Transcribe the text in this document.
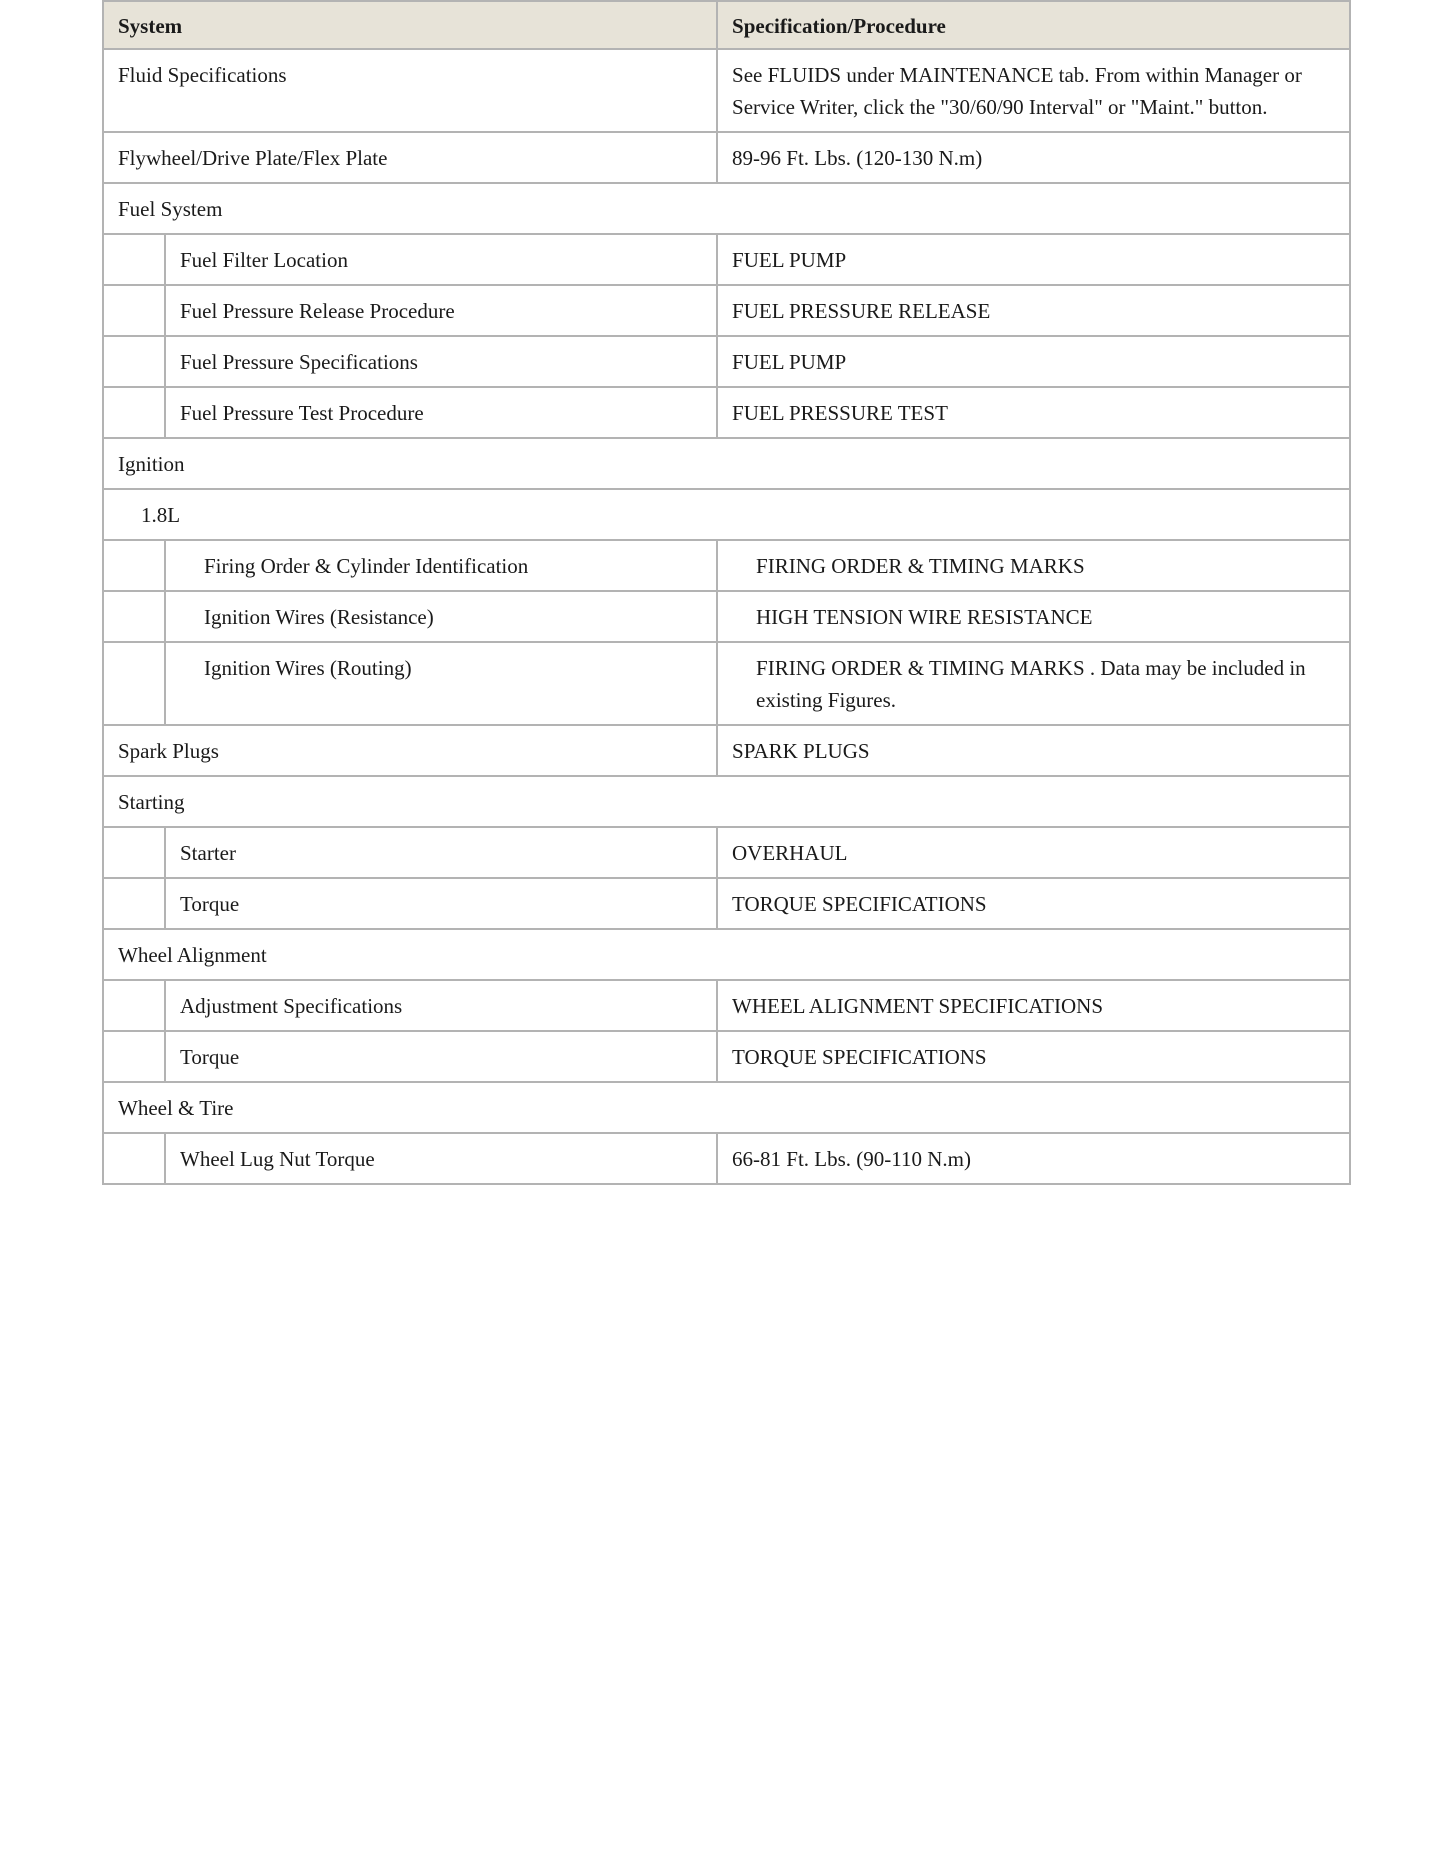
System		Specification/Procedure
Fluid Specifications		See FLUIDS under MAINTENANCE tab. From within Manager or Service Writer, click the "30/60/90 Interval" or "Maint." button.
Flywheel/Drive Plate/Flex Plate		89-96 Ft. Lbs. (120-130 N.m)
Fuel System		
	Fuel Filter Location	FUEL PUMP
	Fuel Pressure Release Procedure	FUEL PRESSURE RELEASE
	Fuel Pressure Specifications	FUEL PUMP
	Fuel Pressure Test Procedure	FUEL PRESSURE TEST
Ignition		
1.8L		
	Firing Order & Cylinder Identification	FIRING ORDER & TIMING MARKS
	Ignition Wires (Resistance)	HIGH TENSION WIRE RESISTANCE
	Ignition Wires (Routing)	FIRING ORDER & TIMING MARKS . Data may be included in existing Figures.
Spark Plugs		SPARK PLUGS
Starting		
	Starter	OVERHAUL
	Torque	TORQUE SPECIFICATIONS
Wheel Alignment		
	Adjustment Specifications	WHEEL ALIGNMENT SPECIFICATIONS
	Torque	TORQUE SPECIFICATIONS
Wheel & Tire		
	Wheel Lug Nut Torque	66-81 Ft. Lbs. (90-110 N.m)
